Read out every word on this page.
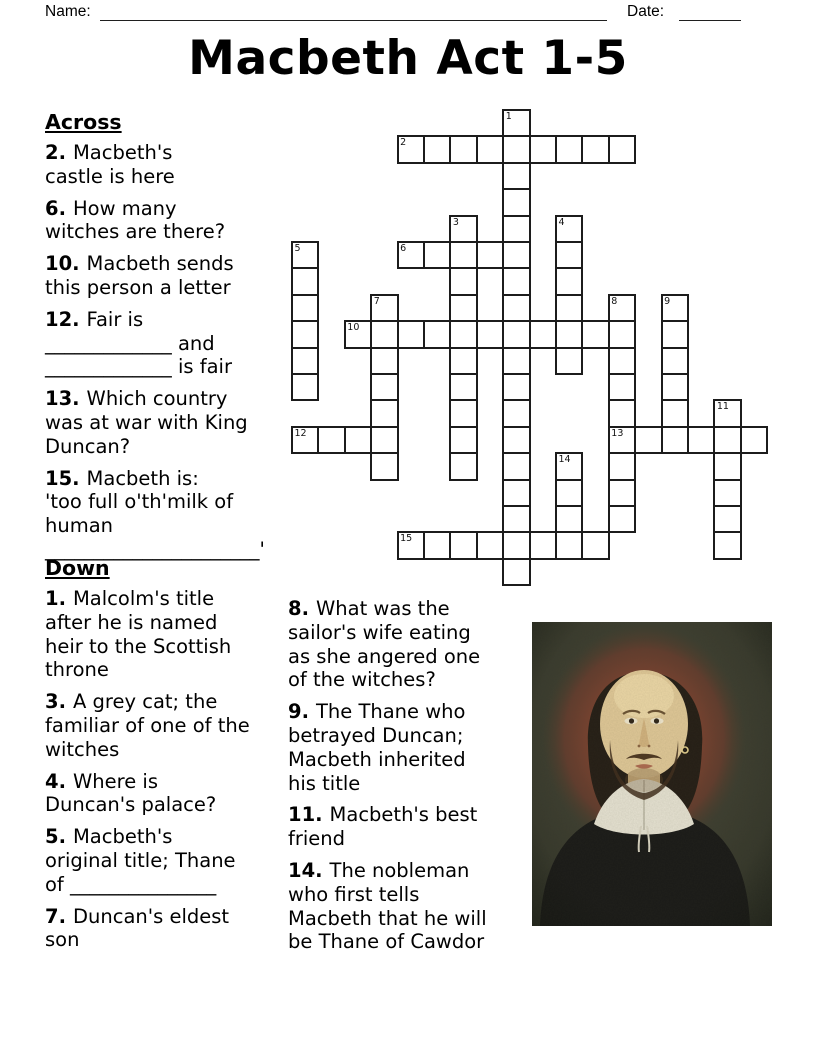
Name:	Date:
Macbeth Act 1-5
2
6
10
12	13
15
1
3	4
5
7	8	9
11
14
Across
2. Macbeth's
castle is here
6. How many
witches are there?
10. Macbeth sends
this person a letter
12. Fair is
_____________ and
_____________ is fair
13. Which country
was at war with King
Duncan?
15. Macbeth is:
'too full o'th'milk of
human
______________________'
Down
1. Malcolm's title
after he is named
heir to the Scottish
throne
3. A grey cat; the
familiar of one of the
witches
4. Where is
Duncan's palace?
5. Macbeth's
original title; Thane
of _______________
7. Duncan's eldest
son
8. What was the
sailor's wife eating
as she angered one
of the witches?
9. The Thane who
betrayed Duncan;
Macbeth inherited
his title
11. Macbeth's best
friend
14. The nobleman
who first tells
Macbeth that he will
be Thane of Cawdor
